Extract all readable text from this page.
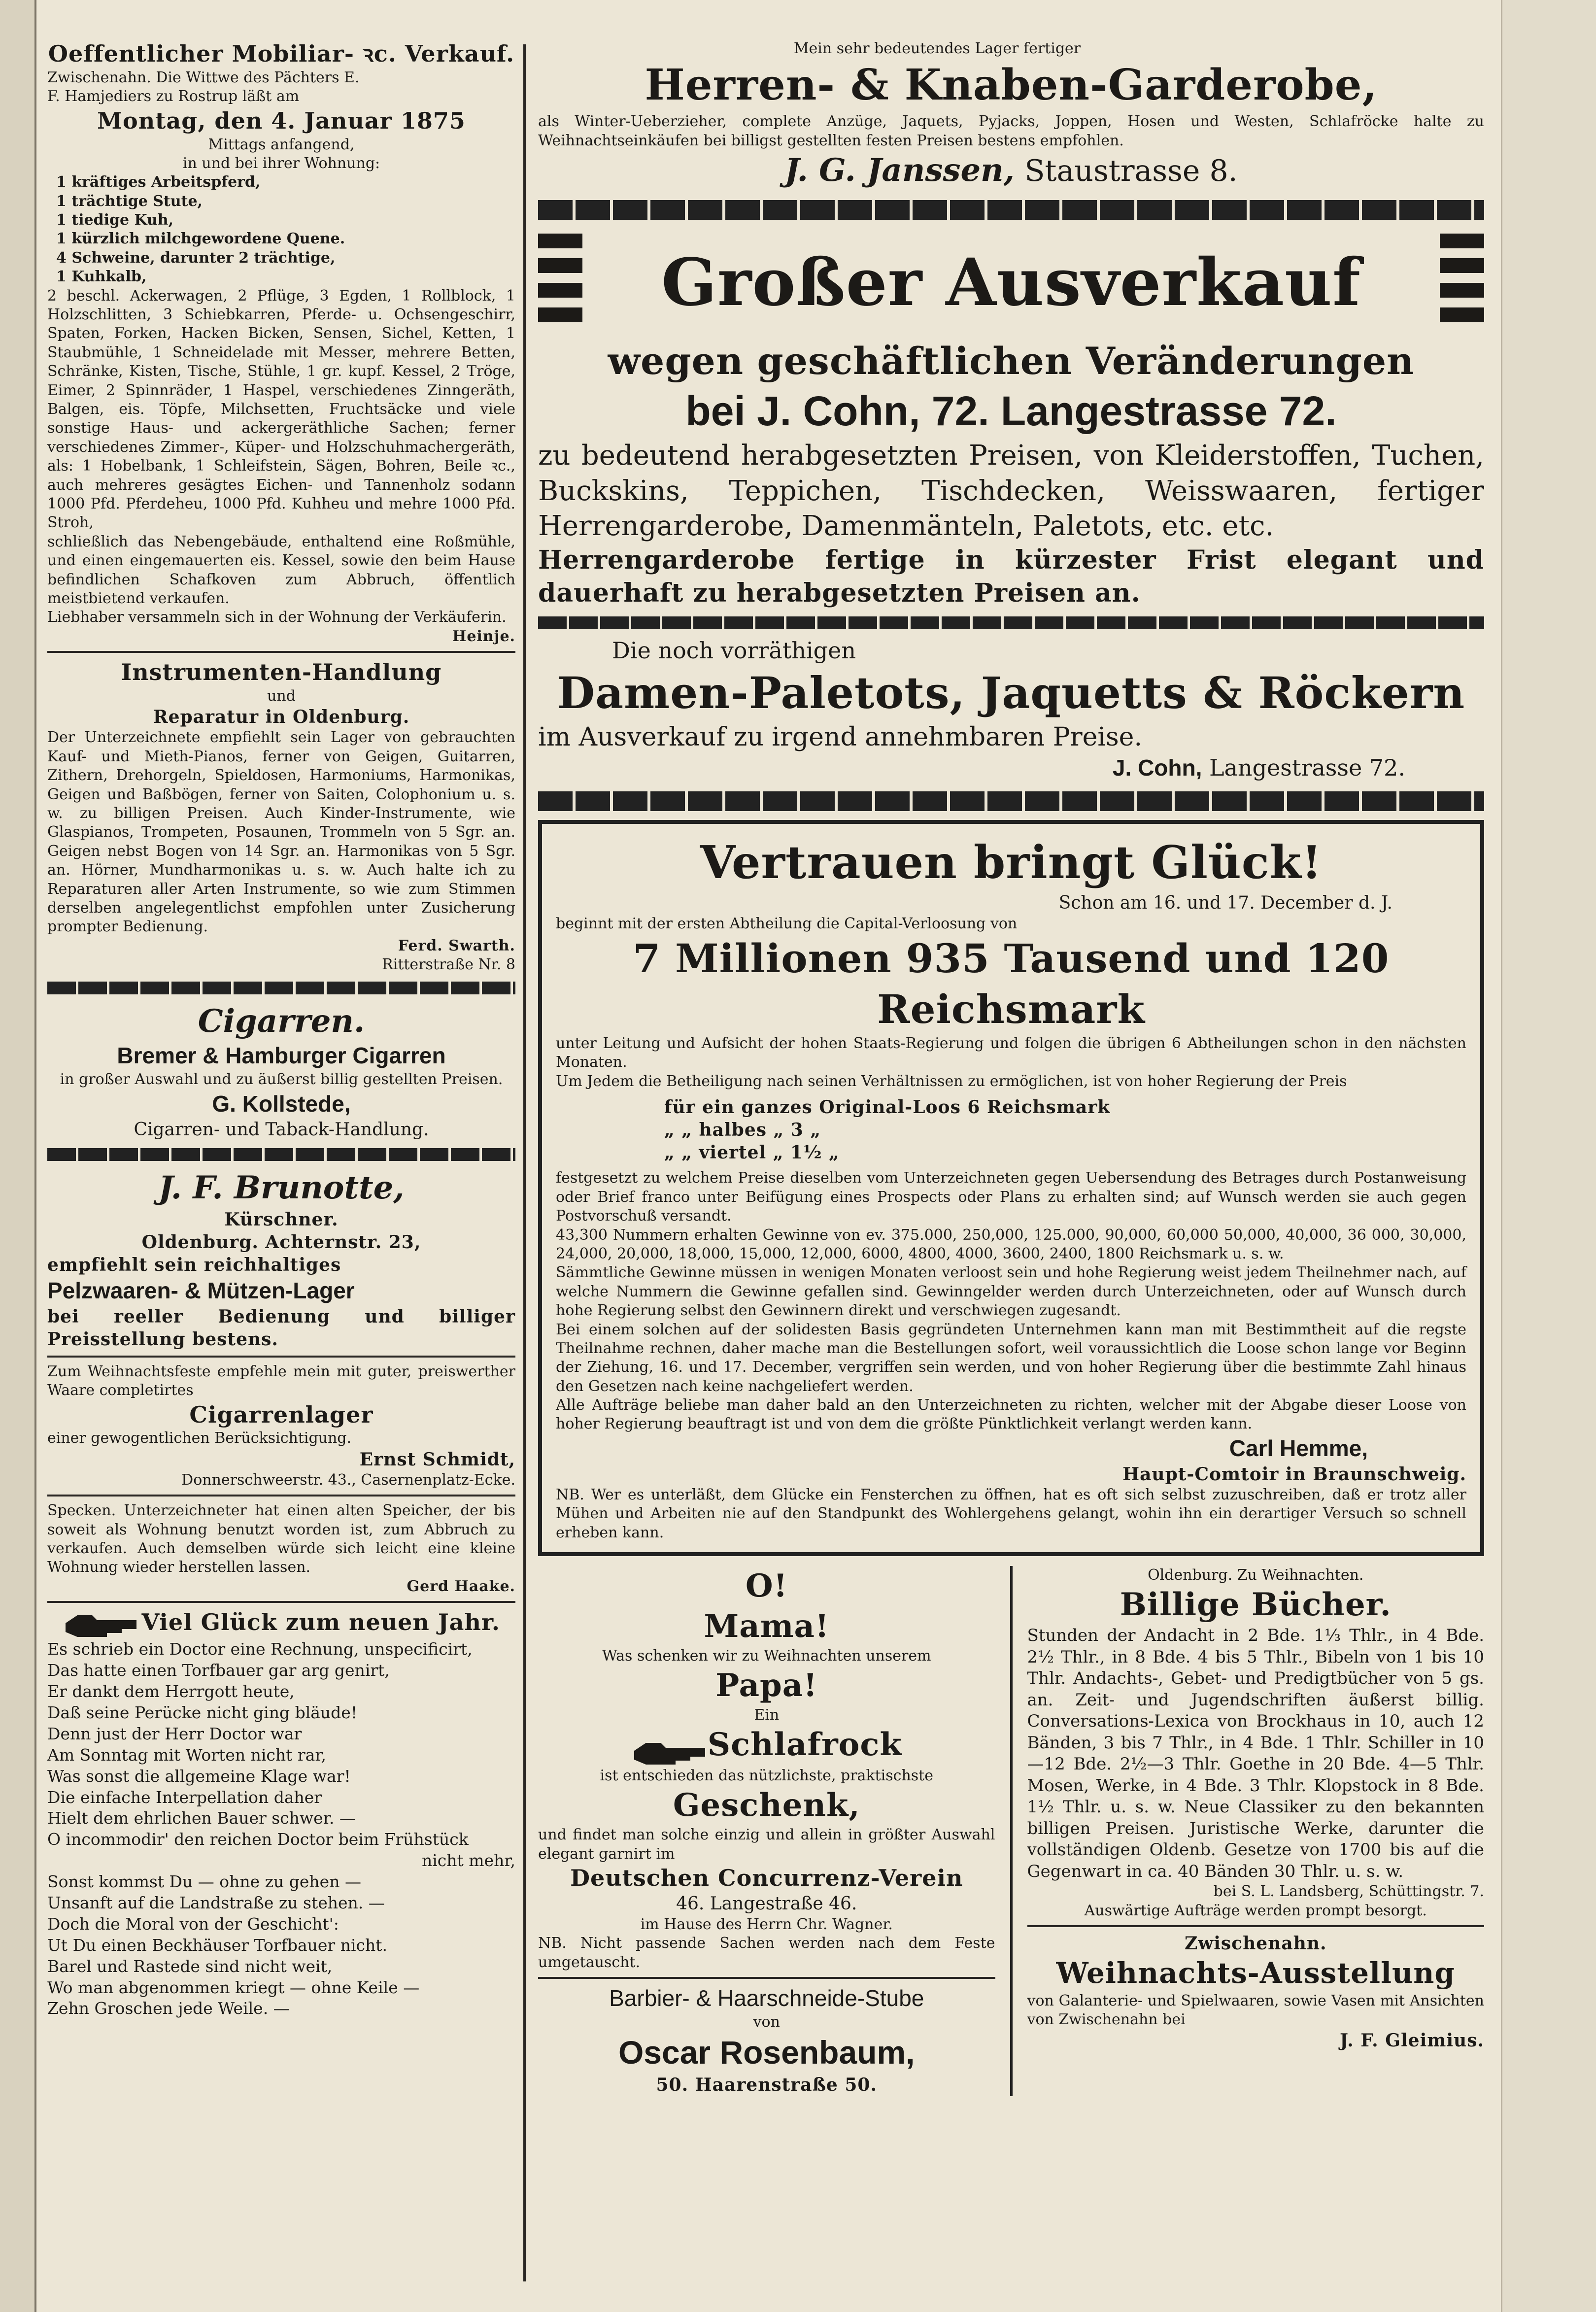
Oeffentlicher Mobiliar- ꝛc. Verkauf.

Zwischenahn. Die Wittwe des Pächters E.

F. Hamjediers zu Rostrup läßt am

Montag, den 4. Januar 1875

Mittags anfangend,

in und bei ihrer Wohnung:

1 kräftiges Arbeitspferd,
1 trächtige Stute,
1 tiedige Kuh,
1 kürzlich milchgewordene Quene.
4 Schweine, darunter 2 trächtige,
1 Kuhkalb,

2 beschl. Ackerwagen, 2 Pflüge, 3 Egden, 1 Rollblock, 1 Holzschlitten, 3 Schiebkarren, Pferde- u. Ochsengeschirr, Spaten, Forken, Hacken Bicken, Sensen, Sichel, Ketten, 1 Staubmühle, 1 Schneidelade mit Messer, mehrere Betten, Schränke, Kisten, Tische, Stühle, 1 gr. kupf. Kessel, 2 Tröge, Eimer, 2 Spinnräder, 1 Haspel, verschiedenes Zinngeräth, Balgen, eis. Töpfe, Milchsetten, Fruchtsäcke und viele sonstige Haus- und ackergeräthliche Sachen; ferner verschiedenes Zimmer-, Küper- und Holzschuhmachergeräth, als: 1 Hobelbank, 1 Schleifstein, Sägen, Bohren, Beile ꝛc., auch mehreres gesägtes Eichen- und Tannenholz sodann 1000 Pfd. Pferdeheu, 1000 Pfd. Kuhheu und mehre 1000 Pfd. Stroh,

schließlich das Nebengebäude, enthaltend eine Roßmühle, und einen eingemauerten eis. Kessel, sowie den beim Hause befindlichen Schafkoven zum Abbruch, öffentlich meistbietend verkaufen.

Liebhaber versammeln sich in der Wohnung der Verkäuferin.

Heinje.

Instrumenten-Handlung

und

Reparatur in Oldenburg.

Der Unterzeichnete empfiehlt sein Lager von gebrauchten Kauf- und Mieth-Pianos, ferner von Geigen, Guitarren, Zithern, Drehorgeln, Spieldosen, Harmoniums, Harmonikas, Geigen und Baßbögen, ferner von Saiten, Colophonium u. s. w. zu billigen Preisen. Auch Kinder-Instrumente, wie Glaspianos, Trompeten, Posaunen, Trommeln von 5 Sgr. an. Geigen nebst Bogen von 14 Sgr. an. Harmonikas von 5 Sgr. an. Hörner, Mundharmonikas u. s. w. Auch halte ich zu Reparaturen aller Arten Instrumente, so wie zum Stimmen derselben angelegentlichst empfohlen unter Zusicherung prompter Bedienung.

Ferd. Swarth.

Ritterstraße Nr. 8

Cigarren.

Bremer & Hamburger Cigarren

in großer Auswahl und zu äußerst billig gestellten Preisen.

G. Kollstede,

Cigarren- und Taback-Handlung.

J. F. Brunotte,

Kürschner.

Oldenburg. Achternstr. 23,

empfiehlt sein reichhaltiges

Pelzwaaren- & Mützen-Lager

bei reeller Bedienung und billiger Preisstellung bestens.

Zum Weihnachtsfeste empfehle mein mit guter, preiswerther Waare completirtes

Cigarrenlager

einer gewogentlichen Berücksichtigung.

Ernst Schmidt,

Donnerschweerstr. 43., Casernenplatz-Ecke.

Specken. Unterzeichneter hat einen alten Speicher, der bis soweit als Wohnung benutzt worden ist, zum Abbruch zu verkaufen. Auch demselben würde sich leicht eine kleine Wohnung wieder herstellen lassen.

Gerd Haake.

Viel Glück zum neuen Jahr.
Es schrieb ein Doctor eine Rechnung, unspecificirt,
Das hatte einen Torfbauer gar arg genirt,
Er dankt dem Herrgott heute,
Daß seine Perücke nicht ging bläude!
Denn just der Herr Doctor war
Am Sonntag mit Worten nicht rar,
Was sonst die allgemeine Klage war!
Die einfache Interpellation daher
Hielt dem ehrlichen Bauer schwer. —
O incommodir' den reichen Doctor beim Frühstück
nicht mehr,
Sonst kommst Du — ohne zu gehen —
Unsanft auf die Landstraße zu stehen. —
Doch die Moral von der Geschicht':
Ut Du einen Beckhäuser Torfbauer nicht.
Barel und Rastede sind nicht weit,
Wo man abgenommen kriegt — ohne Keile —
Zehn Groschen jede Weile. —

Mein sehr bedeutendes Lager fertiger

Herren- & Knaben-Garderobe,

als Winter-Ueberzieher, complete Anzüge, Jaquets, Pyjacks, Joppen, Hosen und Westen, Schlafröcke halte zu Weihnachtseinkäufen bei billigst gestellten festen Preisen bestens empfohlen.

J. G. Janssen, Staustrasse 8.

Großer Ausverkauf

wegen geschäftlichen Veränderungen

bei J. Cohn, 72. Langestrasse 72.

zu bedeutend herabgesetzten Preisen, von Kleiderstoffen, Tuchen, Buckskins, Teppichen, Tischdecken, Weisswaaren, fertiger Herrengarderobe, Damenmänteln, Paletots, etc. etc.

Herrengarderobe fertige in kürzester Frist elegant und dauerhaft zu herabgesetzten Preisen an.

Die noch vorräthigen

Damen-Paletots, Jaquetts & Röckern

im Ausverkauf zu irgend annehmbaren Preise.

J. Cohn, Langestrasse 72.

Vertrauen bringt Glück!

Schon am 16. und 17. December d. J.

beginnt mit der ersten Abtheilung die Capital-Verloosung von

7 Millionen 935 Tausend und 120 Reichsmark

unter Leitung und Aufsicht der hohen Staats-Regierung und folgen die übrigen 6 Abtheilungen schon in den nächsten Monaten.

Um Jedem die Betheiligung nach seinen Verhältnissen zu ermöglichen, ist von hoher Regierung der Preis

für ein ganzes Original-Loos 6 Reichsmark
„ „ halbes „ 3 „
„ „ viertel „ 1½ „

festgesetzt zu welchem Preise dieselben vom Unterzeichneten gegen Uebersendung des Betrages durch Postanweisung oder Brief franco unter Beifügung eines Prospects oder Plans zu erhalten sind; auf Wunsch werden sie auch gegen Postvorschuß versandt.

43,300 Nummern erhalten Gewinne von ev. 375.000, 250,000, 125.000, 90,000, 60,000 50,000, 40,000, 36 000, 30,000, 24,000, 20,000, 18,000, 15,000, 12,000, 6000, 4800, 4000, 3600, 2400, 1800 Reichsmark u. s. w.

Sämmtliche Gewinne müssen in wenigen Monaten verloost sein und hohe Regierung weist jedem Theilnehmer nach, auf welche Nummern die Gewinne gefallen sind. Gewinngelder werden durch Unterzeichneten, oder auf Wunsch durch hohe Regierung selbst den Gewinnern direkt und verschwiegen zugesandt.

Bei einem solchen auf der solidesten Basis gegründeten Unternehmen kann man mit Bestimmtheit auf die regste Theilnahme rechnen, daher mache man die Bestellungen sofort, weil voraussichtlich die Loose schon lange vor Beginn der Ziehung, 16. und 17. December, vergriffen sein werden, und von hoher Regierung über die bestimmte Zahl hinaus den Gesetzen nach keine nachgeliefert werden.

Alle Aufträge beliebe man daher bald an den Unterzeichneten zu richten, welcher mit der Abgabe dieser Loose von hoher Regierung beauftragt ist und von dem die größte Pünktlichkeit verlangt werden kann.

Carl Hemme,

Haupt-Comtoir in Braunschweig.

NB. Wer es unterläßt, dem Glücke ein Fensterchen zu öffnen, hat es oft sich selbst zuzuschreiben, daß er trotz aller Mühen und Arbeiten nie auf den Standpunkt des Wohlergehens gelangt, wohin ihn ein derartiger Versuch so schnell erheben kann.

O!

Mama!

Was schenken wir zu Weihnachten unserem

Papa!

Ein

Schlafrock

ist entschieden das nützlichste, praktischste

Geschenk,

und findet man solche einzig und allein in größter Auswahl elegant garnirt im

Deutschen Concurrenz-Verein

46. Langestraße 46.

im Hause des Herrn Chr. Wagner.

NB. Nicht passende Sachen werden nach dem Feste umgetauscht.

Barbier- & Haarschneide-Stube

von

Oscar Rosenbaum,

50. Haarenstraße 50.

Oldenburg. Zu Weihnachten.

Billige Bücher.

Stunden der Andacht in 2 Bde. 1⅓ Thlr., in 4 Bde. 2½ Thlr., in 8 Bde. 4 bis 5 Thlr., Bibeln von 1 bis 10 Thlr. Andachts-, Gebet- und Predigtbücher von 5 gs. an. Zeit- und Jugendschriften äußerst billig. Conversations-Lexica von Brockhaus in 10, auch 12 Bänden, 3 bis 7 Thlr., in 4 Bde. 1 Thlr. Schiller in 10—12 Bde. 2½—3 Thlr. Goethe in 20 Bde. 4—5 Thlr. Mosen, Werke, in 4 Bde. 3 Thlr. Klopstock in 8 Bde. 1½ Thlr. u. s. w. Neue Classiker zu den bekannten billigen Preisen. Juristische Werke, darunter die vollständigen Oldenb. Gesetze von 1700 bis auf die Gegenwart in ca. 40 Bänden 30 Thlr. u. s. w.

bei S. L. Landsberg, Schüttingstr. 7.

Auswärtige Aufträge werden prompt besorgt.

Zwischenahn.

Weihnachts-Ausstellung

von Galanterie- und Spielwaaren, sowie Vasen mit Ansichten von Zwischenahn bei

J. F. Gleimius.
